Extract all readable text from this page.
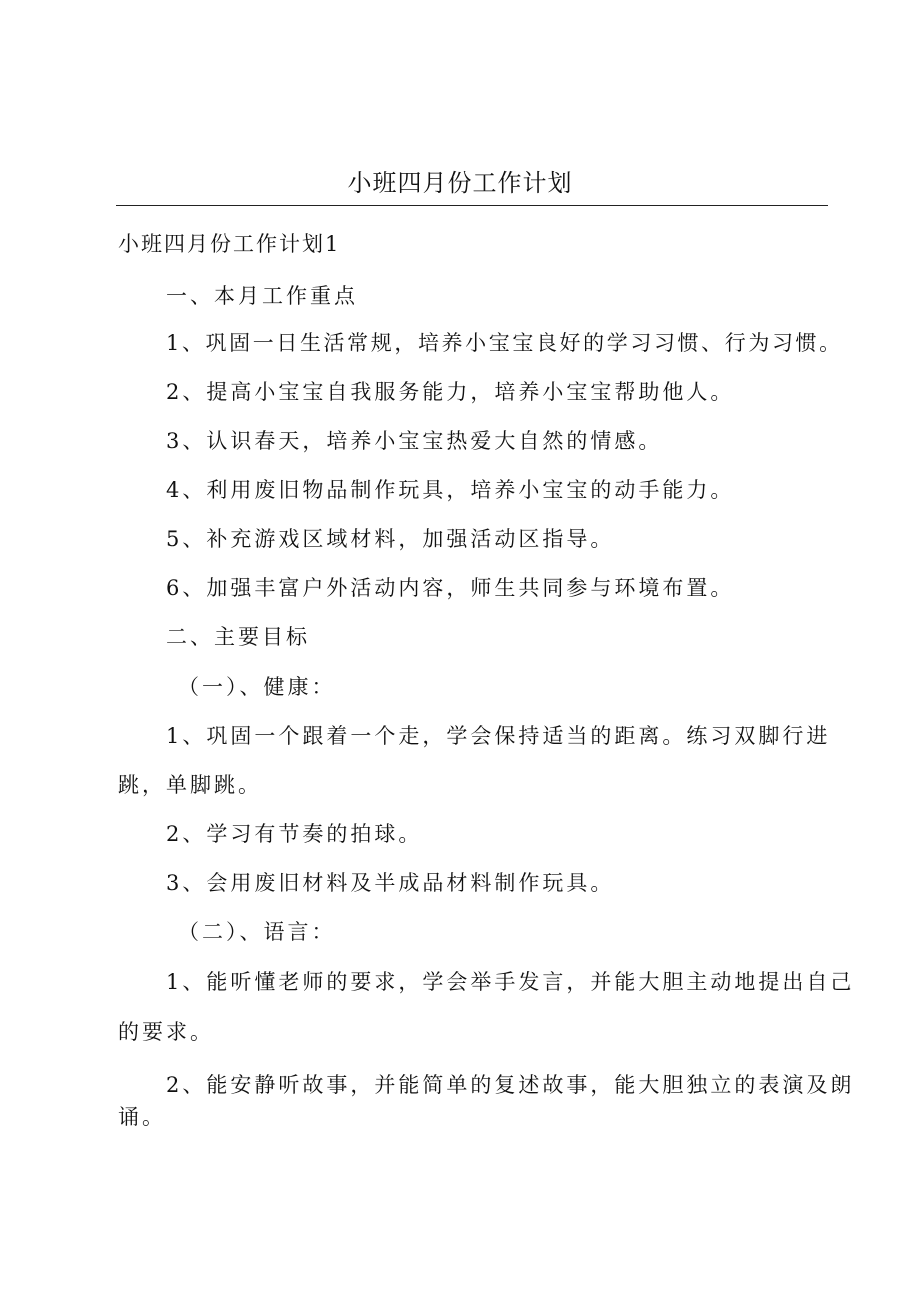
小班四月份工作计划
小班四月份工作计划1
一、本月工作重点
1、巩固一日生活常规，培养小宝宝良好的学习习惯、行为习惯。
2、提高小宝宝自我服务能力，培养小宝宝帮助他人。
3、认识春天，培养小宝宝热爱大自然的情感。
4、利用废旧物品制作玩具，培养小宝宝的动手能力。
5、补充游戏区域材料，加强活动区指导。
6、加强丰富户外活动内容，师生共同参与环境布置。
二、主要目标
（一）、健康：
1、巩固一个跟着一个走，学会保持适当的距离。练习双脚行进
跳，单脚跳。
2、学习有节奏的拍球。
3、会用废旧材料及半成品材料制作玩具。
（二）、语言：
1、能听懂老师的要求，学会举手发言，并能大胆主动地提出自己
的要求。
2、能安静听故事，并能简单的复述故事，能大胆独立的表演及朗
诵。
